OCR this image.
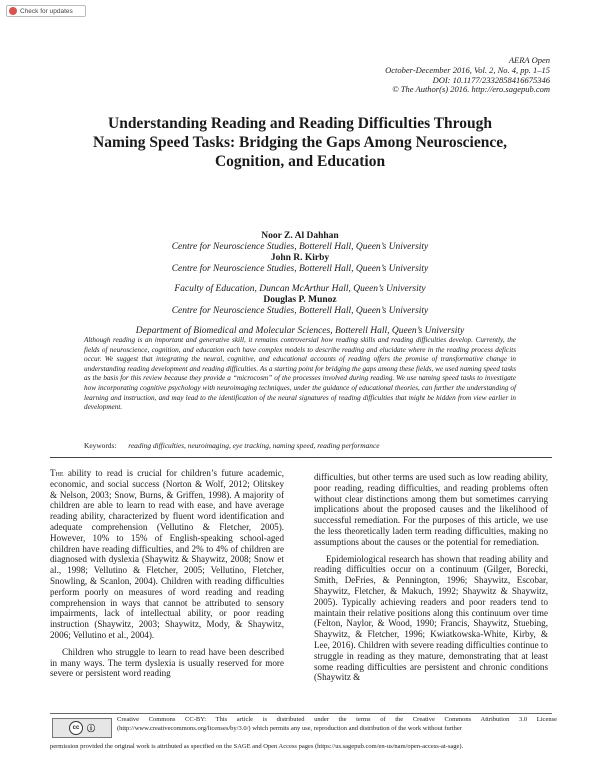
Check for updates
AERA Open
October-December 2016, Vol. 2, No. 4, pp. 1–15
DOI: 10.1177/2332858416675346
© The Author(s) 2016. http://ero.sagepub.com
Understanding Reading and Reading Difficulties Through
Naming Speed Tasks: Bridging the Gaps Among Neuroscience,
Cognition, and Education
Noor Z. Al Dahhan
Centre for Neuroscience Studies, Botterell Hall, Queen’s University
John R. Kirby
Centre for Neuroscience Studies, Botterell Hall, Queen’s University
Faculty of Education, Duncan McArthur Hall, Queen’s University
Douglas P. Munoz
Centre for Neuroscience Studies, Botterell Hall, Queen’s University
Department of Biomedical and Molecular Sciences, Botterell Hall, Queen’s University
Although reading is an important and generative skill, it remains controversial how reading skills and reading difficulties develop. Currently, the fields of neuroscience, cognition, and education each have complex models to describe reading and elucidate where in the reading process deficits occur. We suggest that integrating the neural, cognitive, and educational accounts of reading offers the promise of transformative change in understanding reading development and reading difficulties. As a starting point for bridging the gaps among these fields, we used naming speed tasks as the basis for this review because they provide a “microcosm” of the processes involved during reading. We use naming speed tasks to investigate how incorporating cognitive psychology with neuroimaging techniques, under the guidance of educational theories, can further the understanding of learning and instruction, and may lead to the identification of the neural signatures of reading difficulties that might be hidden from view earlier in development.
Keywords: reading difficulties, neuroimaging, eye tracking, naming speed, reading performance

The ability to read is crucial for children’s future academic, economic, and social success (Norton & Wolf, 2012; Olitskey & Nelson, 2003; Snow, Burns, & Griffen, 1998). A majority of children are able to learn to read with ease, and have average reading ability, characterized by fluent word identification and adequate comprehension (Vellutino & Fletcher, 2005). However, 10% to 15% of English-speaking school-aged children have reading difficulties, and 2% to 4% of children are diagnosed with dyslexia (Shaywitz & Shaywitz, 2008; Snow et al., 1998; Vellutino & Fletcher, 2005; Vellutino, Fletcher, Snowling, & Scanlon, 2004). Children with reading difficulties perform poorly on measures of word reading and reading comprehension in ways that cannot be attributed to sensory impairments, lack of intellectual ability, or poor reading instruction (Shaywitz, 2003; Shaywitz, Mody, & Shaywitz, 2006; Vellutino et al., 2004).

Children who struggle to learn to read have been described in many ways. The term dyslexia is usually reserved for more severe or persistent word reading

difficulties, but other terms are used such as low reading ability, poor reading, reading difficulties, and reading problems often without clear distinctions among them but sometimes carrying implications about the proposed causes and the likelihood of successful remediation. For the purposes of this article, we use the less theoretically laden term reading difficulties, making no assumptions about the causes or the potential for remediation.

Epidemiological research has shown that reading ability and reading difficulties occur on a continuum (Gilger, Borecki, Smith, DeFries, & Pennington, 1996; Shaywitz, Escobar, Shaywitz, Fletcher, & Makuch, 1992; Shaywitz & Shaywitz, 2005). Typically achieving readers and poor readers tend to maintain their relative positions along this continuum over time (Felton, Naylor, & Wood, 1990; Francis, Shaywitz, Stuebing, Shaywitz, & Fletcher, 1996; Kwiatkowska-White, Kirby, & Lee, 2016). Children with severe reading difficulties continue to struggle in reading as they mature, demonstrating that at least some reading difficulties are persistent and chronic conditions (Shaywitz &

cc ⓘ
Creative Commons CC-BY: This article is distributed under the terms of the Creative Commons Attribution 3.0 License (http://www.creativecommons.org/licenses/by/3.0/) which permits any use, reproduction and distribution of the work without further
permission provided the original work is attributed as specified on the SAGE and Open Access pages (https://us.sagepub.com/en-us/nam/open-access-at-sage).
